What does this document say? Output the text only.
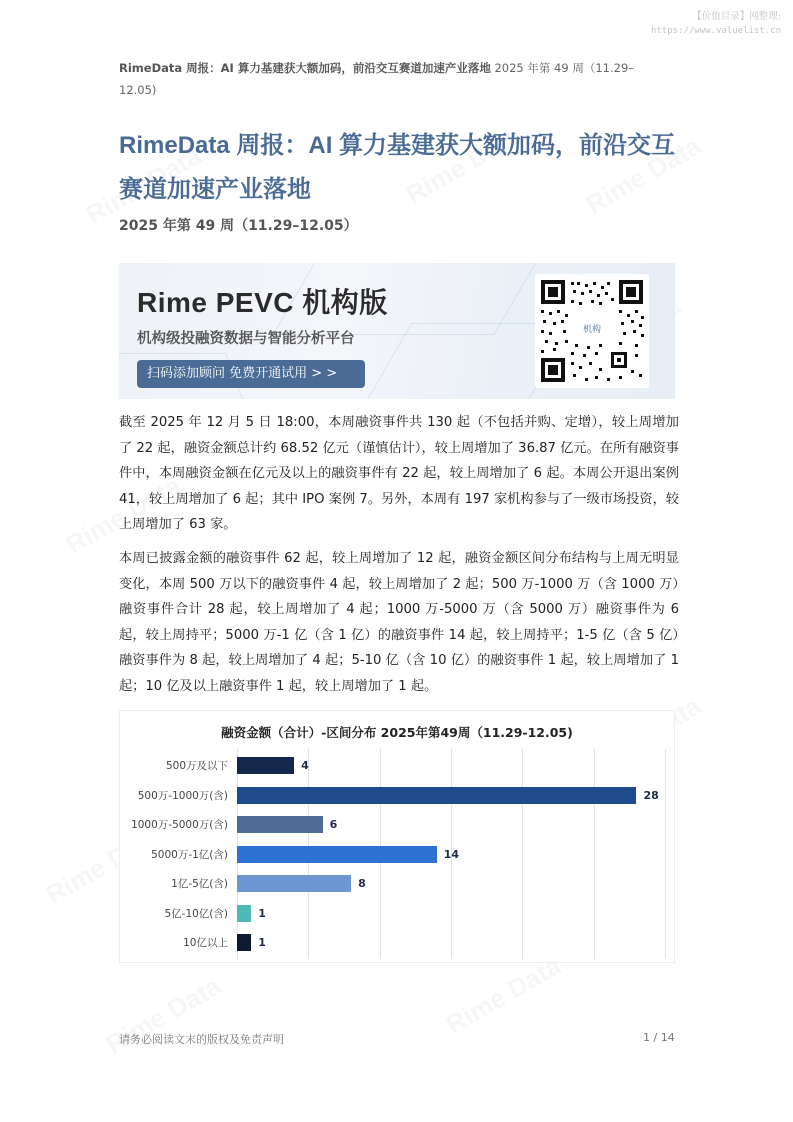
【价值目录】网整理:
https://www.valuelist.cn
RimeData 周报：AI 算力基建获大额加码，前沿交互赛道加速产业落地 2025 年第 49 周（11.29–12.05)
RimeData 周报：AI 算力基建获大额加码，前沿交互赛道加速产业落地
2025 年第 49 周（11.29–12.05）
Rime PEVC 机构版
机构级投融资数据与智能分析平台
扫码添加顾问 免费开通试用 > >
机构

截至 2025 年 12 月 5 日 18:00，本周融资事件共 130 起（不包括并购、定增），较上周增加了 22 起，融资金额总计约 68.52 亿元（谨慎估计），较上周增加了 36.87 亿元。在所有融资事件中，本周融资金额在亿元及以上的融资事件有 22 起，较上周增加了 6 起。本周公开退出案例 41，较上周增加了 6 起；其中 IPO 案例 7。另外，本周有 197 家机构参与了一级市场投资，较上周增加了 63 家。

本周已披露金额的融资事件 62 起，较上周增加了 12 起，融资金额区间分布结构与上周无明显变化，本周 500 万以下的融资事件 4 起，较上周增加了 2 起；500 万-1000 万（含 1000 万）融资事件合计 28 起，较上周增加了 4 起；1000 万-5000 万（含 5000 万）融资事件为 6 起，较上周持平；5000 万-1 亿（含 1 亿）的融资事件 14 起，较上周持平；1-5 亿（含 5 亿）融资事件为 8 起，较上周增加了 4 起；5-10 亿（含 10 亿）的融资事件 1 起，较上周增加了 1 起；10 亿及以上融资事件 1 起，较上周增加了 1 起。

融资金额（合计）-区间分布 2025年第49周（11.29-12.05)
500万及以下	4
500万-1000万(含)	28
1000万-5000万(含)	6
5000万-1亿(含)	14
1亿-5亿(含)	8
5亿-10亿(含)	1
10亿以上	1
请务必阅读文末的版权及免责声明	1 / 14
